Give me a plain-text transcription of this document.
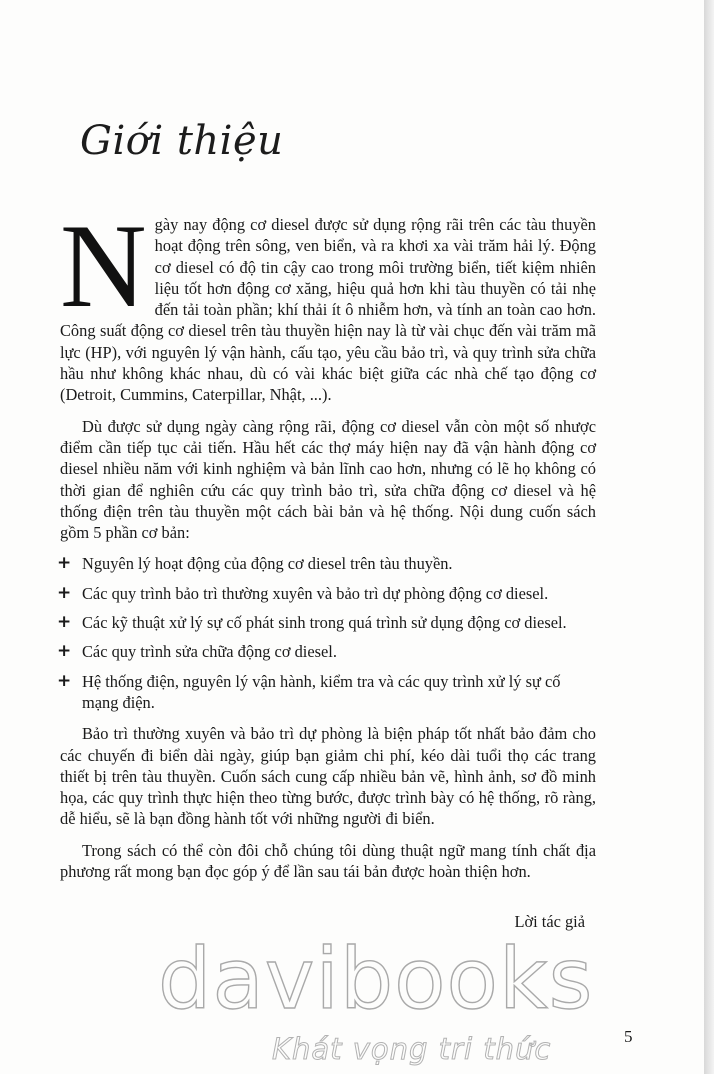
Giới thiệu

N gày nay động cơ diesel được sử dụng rộng rãi trên các tàu thuyền hoạt động trên sông, ven biển, và ra khơi xa vài trăm hải lý. Động cơ diesel có độ tin cậy cao trong môi trường biển, tiết kiệm nhiên liệu tốt hơn động cơ xăng, hiệu quả hơn khi tàu thuyền có tải nhẹ đến tải toàn phần; khí thải ít ô nhiễm hơn, và tính an toàn cao hơn. Công suất động cơ diesel trên tàu thuyền hiện nay là từ vài chục đến vài trăm mã lực (HP), với nguyên lý vận hành, cấu tạo, yêu cầu bảo trì, và quy trình sửa chữa hầu như không khác nhau, dù có vài khác biệt giữa các nhà chế tạo động cơ (Detroit, Cummins, Caterpillar, Nhật, ...).

Dù được sử dụng ngày càng rộng rãi, động cơ diesel vẫn còn một số nhược điểm cần tiếp tục cải tiến. Hầu hết các thợ máy hiện nay đã vận hành động cơ diesel nhiều năm với kinh nghiệm và bản lĩnh cao hơn, nhưng có lẽ họ không có thời gian để nghiên cứu các quy trình bảo trì, sửa chữa động cơ diesel và hệ thống điện trên tàu thuyền một cách bài bản và hệ thống. Nội dung cuốn sách gồm 5 phần cơ bản:

+ Nguyên lý hoạt động của động cơ diesel trên tàu thuyền.
+ Các quy trình bảo trì thường xuyên và bảo trì dự phòng động cơ diesel.
+ Các kỹ thuật xử lý sự cố phát sinh trong quá trình sử dụng động cơ diesel.
+ Các quy trình sửa chữa động cơ diesel.
+ Hệ thống điện, nguyên lý vận hành, kiểm tra và các quy trình xử lý sự cố mạng điện.

Bảo trì thường xuyên và bảo trì dự phòng là biện pháp tốt nhất bảo đảm cho các chuyến đi biển dài ngày, giúp bạn giảm chi phí, kéo dài tuổi thọ các trang thiết bị trên tàu thuyền. Cuốn sách cung cấp nhiều bản vẽ, hình ảnh, sơ đồ minh họa, các quy trình thực hiện theo từng bước, được trình bày có hệ thống, rõ ràng, dễ hiểu, sẽ là bạn đồng hành tốt với những người đi biển.

Trong sách có thể còn đôi chỗ chúng tôi dùng thuật ngữ mang tính chất địa phương rất mong bạn đọc góp ý để lần sau tái bản được hoàn thiện hơn.

Lời tác giả
davibooks
Khát vọng tri thức	5
